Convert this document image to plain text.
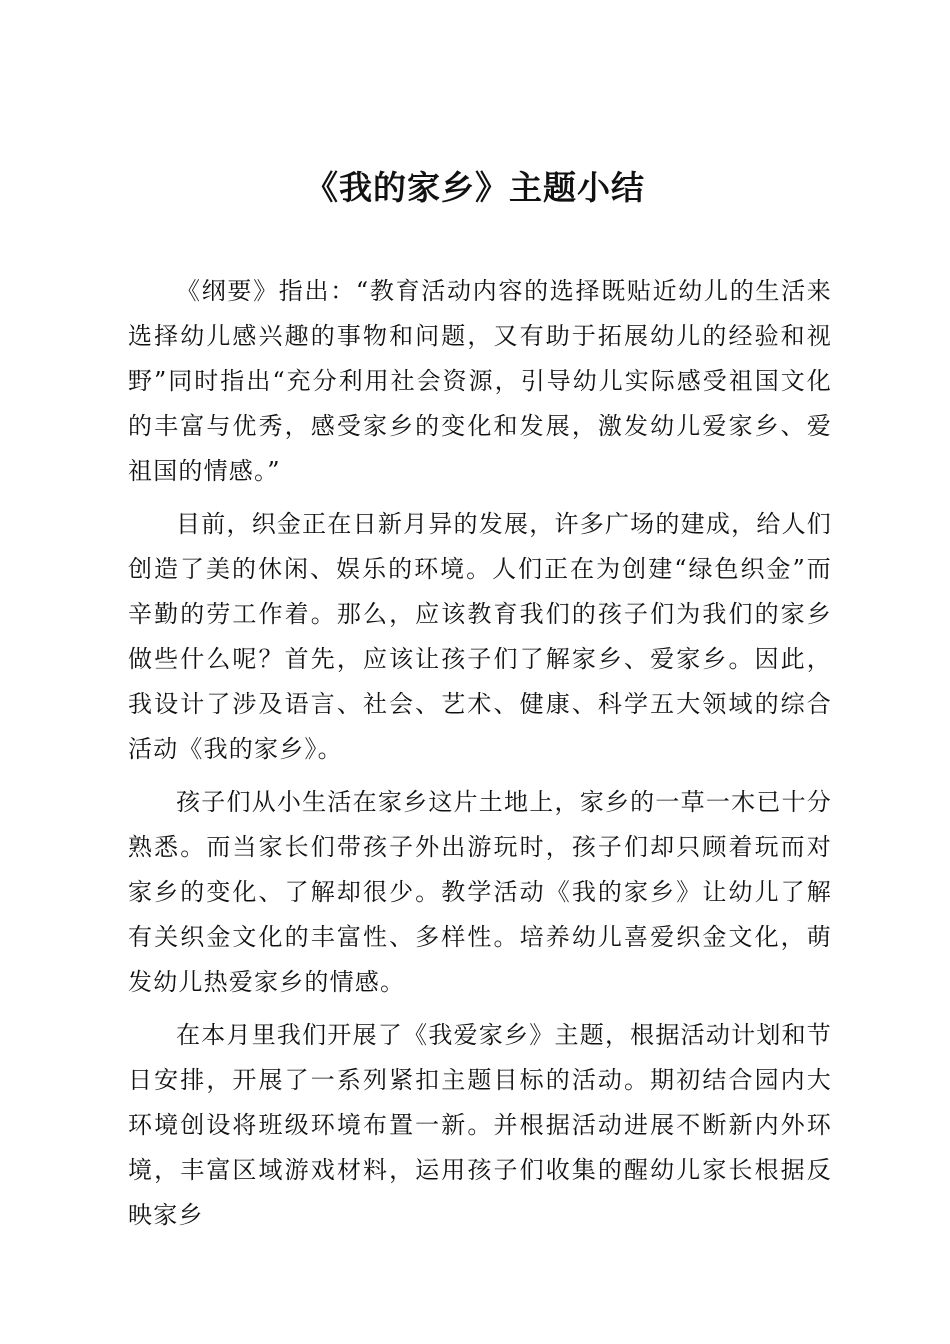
《我的家乡》主题小结

《纲要》指出：“教育活动内容的选择既贴近幼儿的生活来选择幼儿感兴趣的事物和问题，又有助于拓展幼儿的经验和视野”同时指出“充分利用社会资源，引导幼儿实际感受祖国文化的丰富与优秀，感受家乡的变化和发展，激发幼儿爱家乡、爱祖国的情感。”

目前，织金正在日新月异的发展，许多广场的建成，给人们创造了美的休闲、娱乐的环境。人们正在为创建“绿色织金”而辛勤的劳工作着。那么，应该教育我们的孩子们为我们的家乡做些什么呢？首先，应该让孩子们了解家乡、爱家乡。因此，我设计了涉及语言、社会、艺术、健康、科学五大领域的综合活动《我的家乡》。

孩子们从小生活在家乡这片土地上，家乡的一草一木已十分熟悉。而当家长们带孩子外出游玩时，孩子们却只顾着玩而对家乡的变化、了解却很少。教学活动《我的家乡》让幼儿了解有关织金文化的丰富性、多样性。培养幼儿喜爱织金文化，萌发幼儿热爱家乡的情感。

在本月里我们开展了《我爱家乡》主题，根据活动计划和节日安排，开展了一系列紧扣主题目标的活动。期初结合园内大环境创设将班级环境布置一新。并根据活动进展不断新内外环境，丰富区域游戏材料，运用孩子们收集的醒幼儿家长根据反映家乡
